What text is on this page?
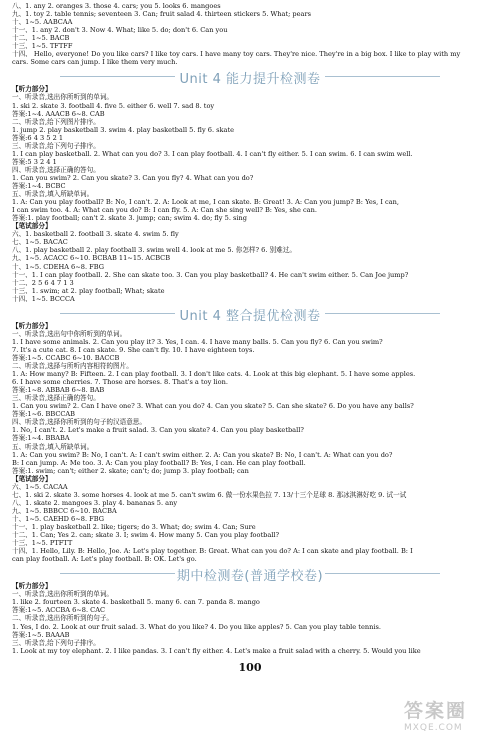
八、1. any 2. oranges 3. those 4. cars; you 5. looks 6. mangoes
九、1. toy 2. table tennis; seventeen 3. Can; fruit salad 4. thirteen stickers 5. What; pears
十、1~5. AABCAA
十一、1. any 2. don't 3. Now 4. What; like 5. do; don't 6. Can you
十二、1~5. BACB
十三、1~5. TFTFF
十四、 Hello, everyone! Do you like cars? I like toy cars. I have many toy cars. They're nice. They're in a big box. I like to play with my
cars. Some cars can jump. I like them very much.
Unit 4 能力提升检测卷
【听力部分】
一、听录音,选出你所听到的单词。
1. ski 2. skate 3. football 4. five 5. either 6. well 7. sad 8. toy
答案:1~4. AAACB 6~8. CAB
二、听录音,给下列图片排序。
1. jump 2. play basketball 3. swim 4. play basketball 5. fly 6. skate
答案:6 4 3 5 2 1
三、听录音,给下列句子排序。
1. I can play basketball. 2. What can you do? 3. I can play football. 4. I can't fly either. 5. I can swim. 6. I can swim well.
答案:5 3 2 4 1
四、听录音,选择正确的答句。
1. Can you swim? 2. Can you skate? 3. Can you fly? 4. What can you do?
答案:1~4. BCBC
五、听录音,填入所缺单词。
1. A: Can you play football? B: No, I can't. 2. A: Look at me, I can skate. B: Great! 3. A: Can you jump? B: Yes, I can,
I can swim too. 4. A: What can you do? B: I can fly. 5. A: Can she sing well? B: Yes, she can.
答案:1. play football; can't 2. skate 3. jump; can; swim 4. do; fly 5. sing
【笔试部分】
六、1. basketball 2. football 3. skate 4. swim 5. fly
七、1~5. BACAC
八、1. play basketball 2. play football 3. swim well 4. look at me 5. 你怎样? 6. 别难过。
九、1~5. ACACC 6~10. BCBAB 11~15. ACBCB
十、1~5. CDEHA 6~8. FBG
十一、1. I can play football. 2. She can skate too. 3. Can you play basketball? 4. He can't swim either. 5. Can Joe jump?
十二、2 5 6 4 7 1 3
十三、1. swim; at 2. play football; What; skate
十四、1~5. BCCCA
Unit 4 整合提优检测卷
【听力部分】
一、听录音,选出句中你所听到的单词。
1. I have some animals. 2. Can you play it? 3. Yes, I can. 4. I have many balls. 5. Can you fly? 6. Can you swim?
7. It's a cute cat. 8. I can skate. 9. She can't fly. 10. I have eighteen toys.
答案:1~5. CCABC 6~10. BACCB
二、听录音,选择与所听内容相符的图片。
1. A: How many? B: Fifteen. 2. I can play football. 3. I don't like cats. 4. Look at this big elephant. 5. I have some apples.
6. I have some cherries. 7. Those are horses. 8. That's a toy lion.
答案:1~8. ABBAB 6~8. BAB
三、听录音,选择正确的答句。
1. Can you swim? 2. Can I have one? 3. What can you do? 4. Can you skate? 5. Can she skate? 6. Do you have any balls?
答案:1~6. BBCCAB
四、听录音,选择你所听到的句子的汉语意思。
1. No, I can't. 2. Let's make a fruit salad. 3. Can you skate? 4. Can you play basketball?
答案:1~4. BBABA
五、听录音,填入所缺单词。
1. A: Can you swim? B: No, I can't. A: I can't swim either. 2. A: Can you skate? B: No, I can't. A: What can you do?
B: I can jump. A: Me too. 3. A: Can you play football? B: Yes, I can. He can play football.
答案:1. swim; can't; either 2. skate; can't; do; jump 3. play football; can
【笔试部分】
六、1~5. CACAA
七、1. ski 2. skate 3. some horses 4. look at me 5. can't swim 6. 做一份水果色拉 7. 13/十三个足球 8. 那冰淇淋好吃 9. 试一试
八、1. skate 2. mangoes 3. play 4. bananas 5. any
九、1~5. BBBCC 6~10. BACBA
十、1~5. CAEHD 6~8. FBG
十一、1. play basketball 2. like; tigers; do 3. What; do; swim 4. Can; Sure
十二、1. Can; Yes 2. can; skate 3. I; swim 4. How many 5. Can you play football?
十三、1~5. PTFTT
十四、1. Hello, Lily. B: Hello, Joe. A: Let's play together. B: Great. What can you do? A: I can skate and play football. B: I
can play football. A: Let's play football. B: OK. Let's go.
期中检测卷(普通学校卷)
【听力部分】
一、听录音,选出你所听到的单词。
1. like 2. fourteen 3. skate 4. basketball 5. many 6. can 7. panda 8. mango
答案:1~5. ACCBA 6~8. CAC
二、听录音,选出你所听到的句子。
1. Yes, I do. 2. Look at our fruit salad. 3. What do you like? 4. Do you like apples? 5. Can you play table tennis.
答案:1~5. BAAAB
三、听录音,给下列句子排序。
1. Look at my toy elephant. 2. I like pandas. 3. I can't fly either. 4. Let's make a fruit salad with a cherry. 5. Would you like
100
答案圈
MXQE.COM
